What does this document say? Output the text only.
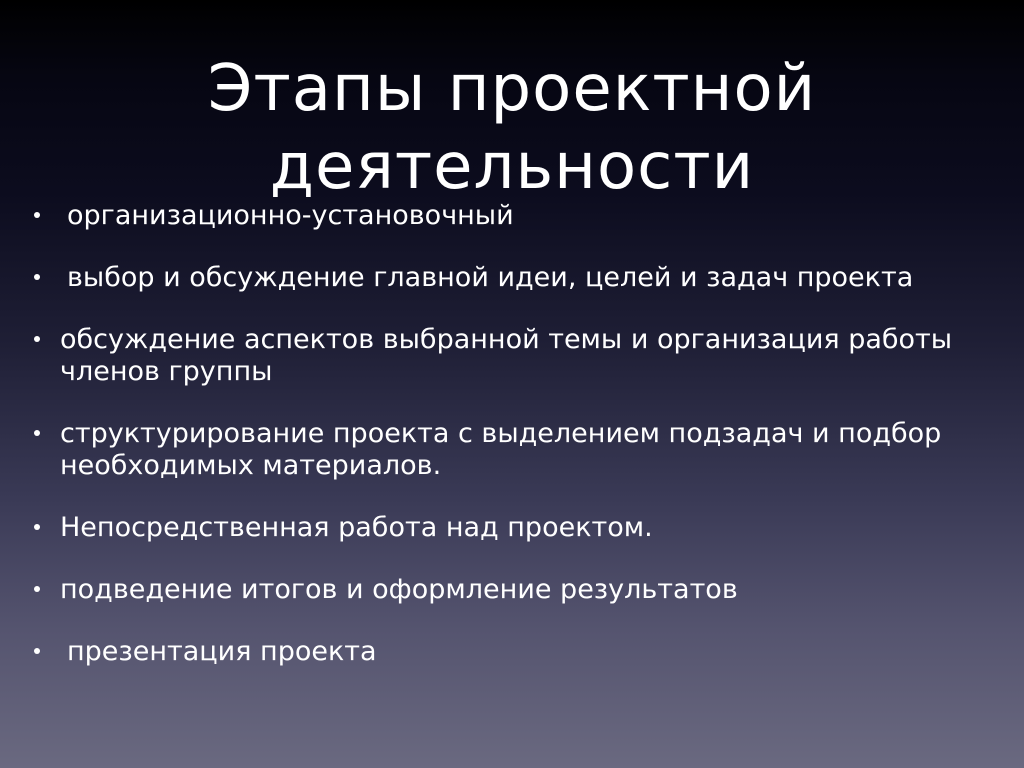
Этапы проектной
деятельности
организационно-установочный
выбор и обсуждение главной идеи, целей и задач проекта
обсуждение аспектов выбранной темы и организация работы членов группы
структурирование проекта с выделением подзадач и подбор необходимых материалов.
Непосредственная работа над проектом.
подведение итогов и оформление результатов
презентация проекта
